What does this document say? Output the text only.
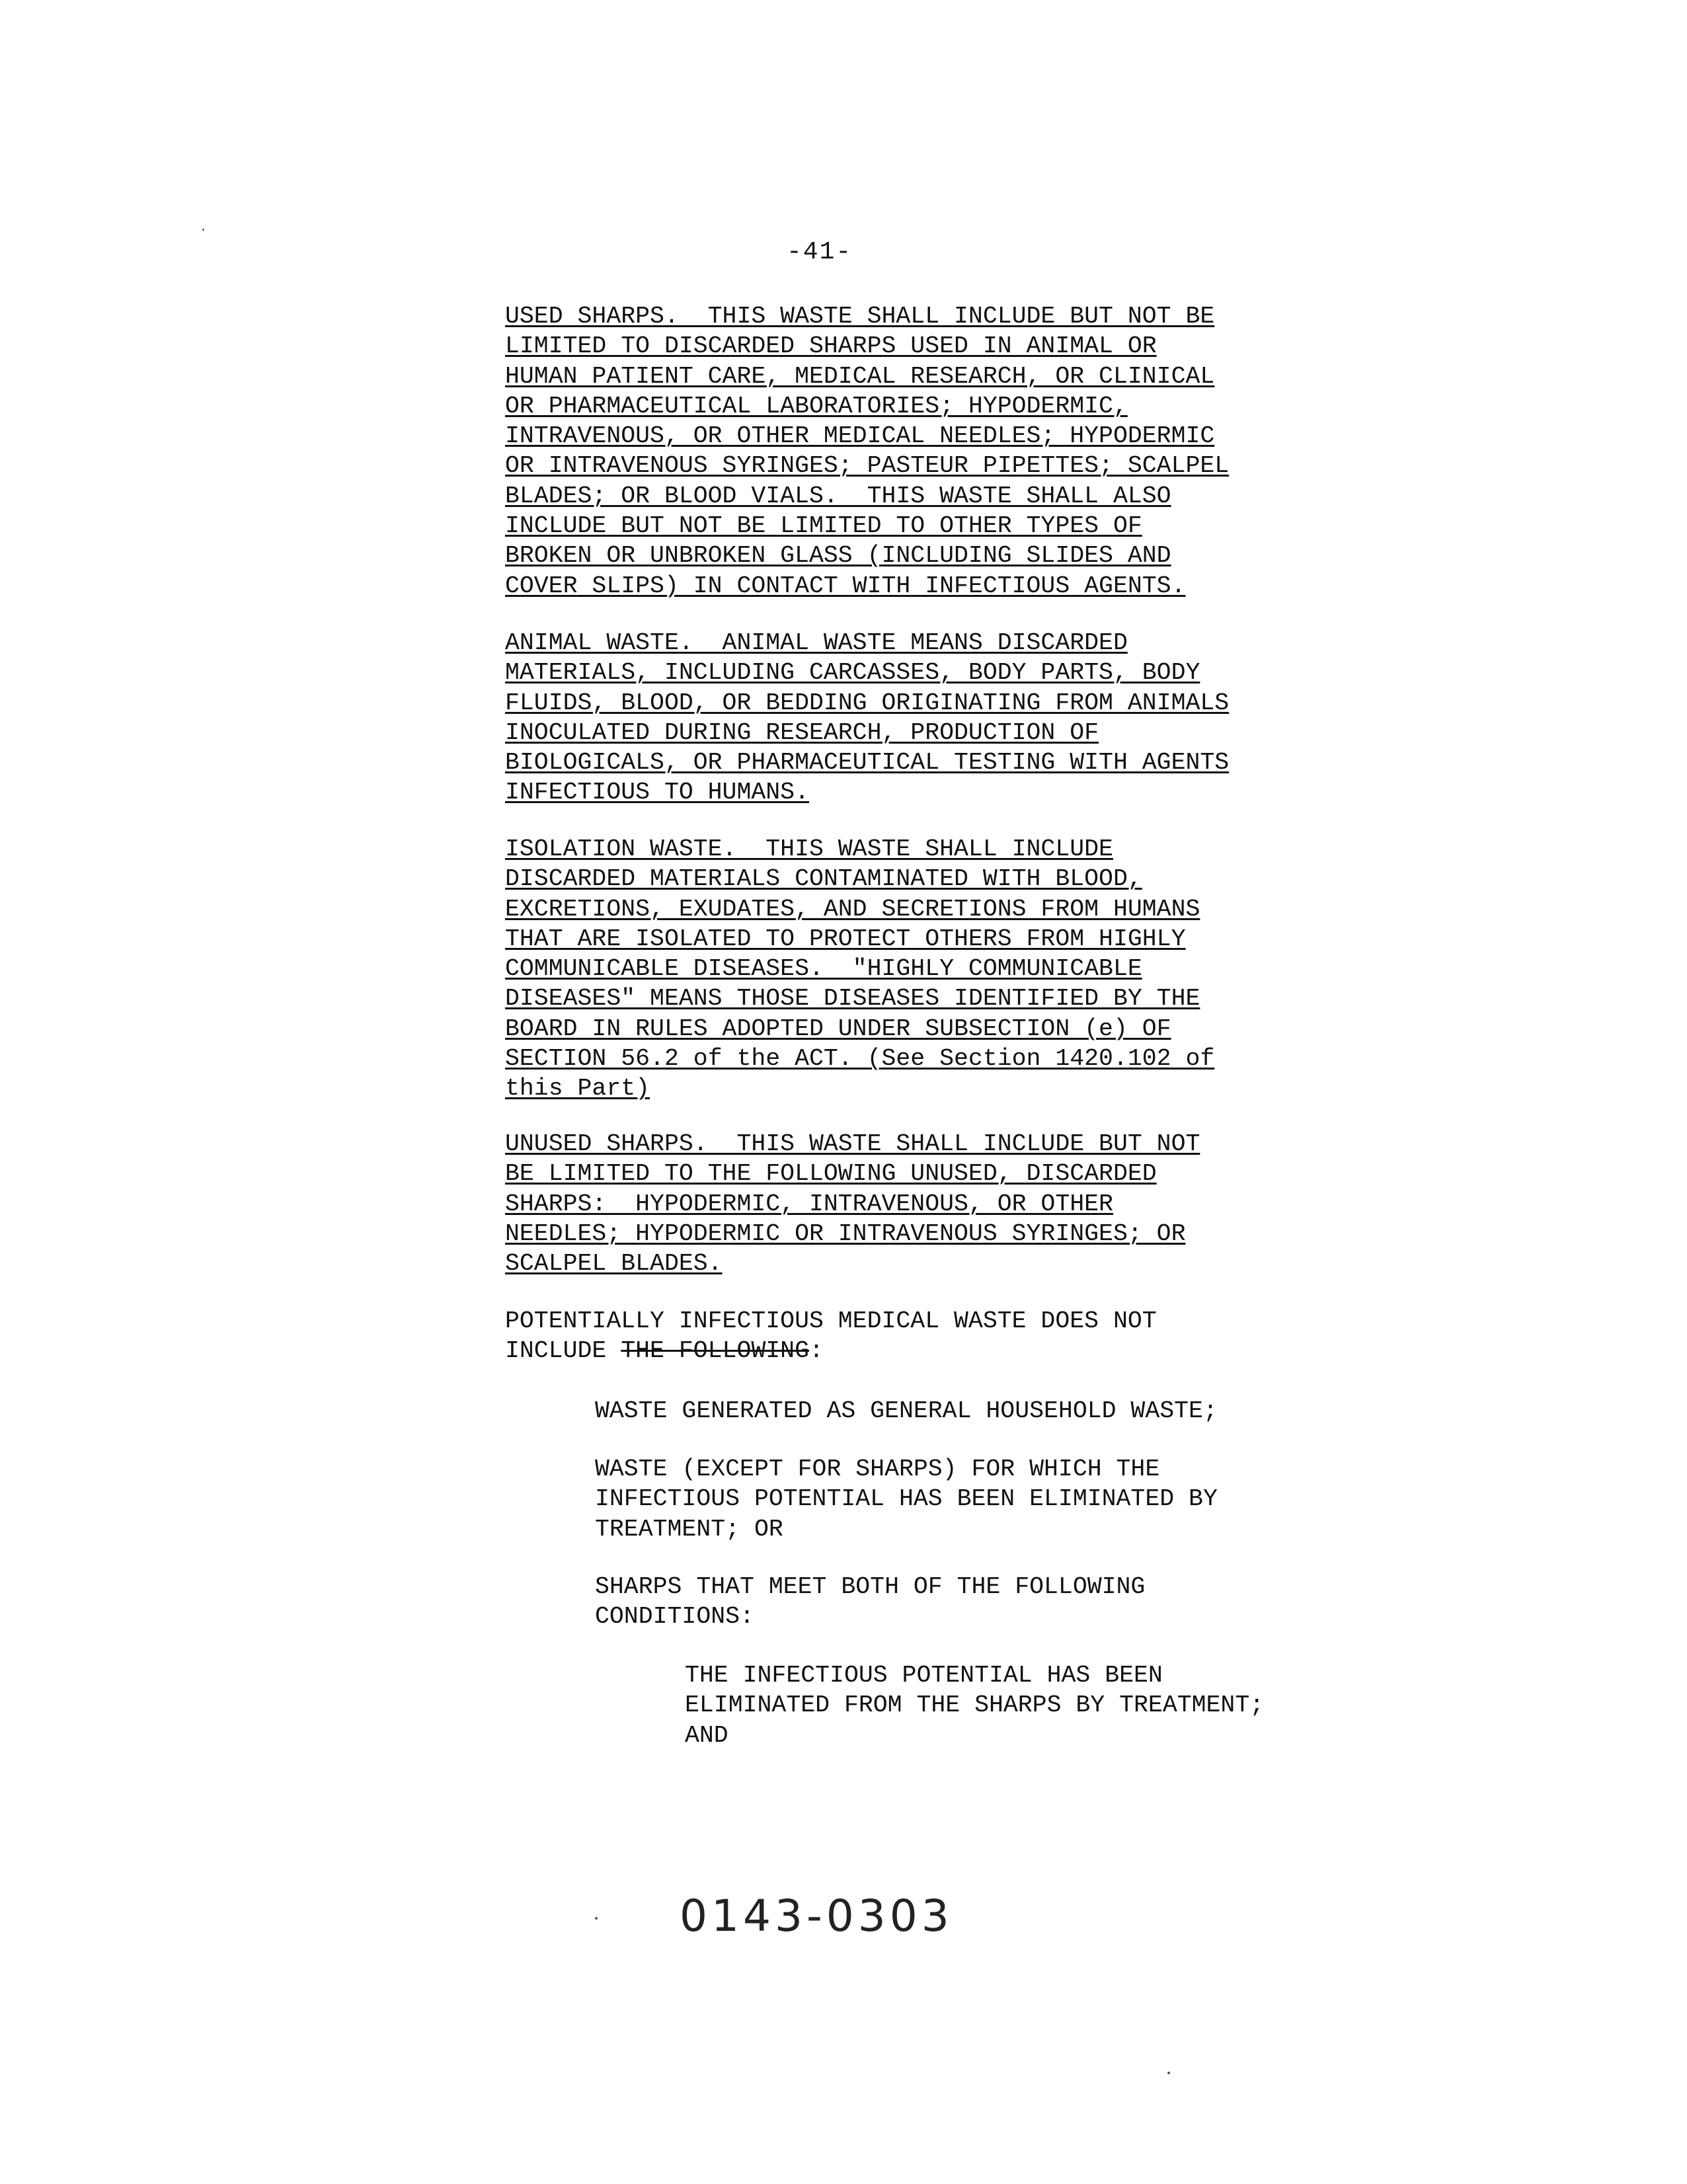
-41-
USED SHARPS.  THIS WASTE SHALL INCLUDE BUT NOT BE
LIMITED TO DISCARDED SHARPS USED IN ANIMAL OR
HUMAN PATIENT CARE, MEDICAL RESEARCH, OR CLINICAL
OR PHARMACEUTICAL LABORATORIES; HYPODERMIC,
INTRAVENOUS, OR OTHER MEDICAL NEEDLES; HYPODERMIC
OR INTRAVENOUS SYRINGES; PASTEUR PIPETTES; SCALPEL
BLADES; OR BLOOD VIALS.  THIS WASTE SHALL ALSO
INCLUDE BUT NOT BE LIMITED TO OTHER TYPES OF
BROKEN OR UNBROKEN GLASS (INCLUDING SLIDES AND
COVER SLIPS) IN CONTACT WITH INFECTIOUS AGENTS.
ANIMAL WASTE.  ANIMAL WASTE MEANS DISCARDED
MATERIALS, INCLUDING CARCASSES, BODY PARTS, BODY
FLUIDS, BLOOD, OR BEDDING ORIGINATING FROM ANIMALS
INOCULATED DURING RESEARCH, PRODUCTION OF
BIOLOGICALS, OR PHARMACEUTICAL TESTING WITH AGENTS
INFECTIOUS TO HUMANS.
ISOLATION WASTE.  THIS WASTE SHALL INCLUDE
DISCARDED MATERIALS CONTAMINATED WITH BLOOD,
EXCRETIONS, EXUDATES, AND SECRETIONS FROM HUMANS
THAT ARE ISOLATED TO PROTECT OTHERS FROM HIGHLY
COMMUNICABLE DISEASES.  "HIGHLY COMMUNICABLE
DISEASES" MEANS THOSE DISEASES IDENTIFIED BY THE
BOARD IN RULES ADOPTED UNDER SUBSECTION (e) OF
SECTION 56.2 of the ACT. (See Section 1420.102 of
this Part)
UNUSED SHARPS.  THIS WASTE SHALL INCLUDE BUT NOT
BE LIMITED TO THE FOLLOWING UNUSED, DISCARDED
SHARPS:  HYPODERMIC, INTRAVENOUS, OR OTHER
NEEDLES; HYPODERMIC OR INTRAVENOUS SYRINGES; OR
SCALPEL BLADES.
POTENTIALLY INFECTIOUS MEDICAL WASTE DOES NOT
INCLUDE THE FOLLOWING:
WASTE GENERATED AS GENERAL HOUSEHOLD WASTE;
WASTE (EXCEPT FOR SHARPS) FOR WHICH THE
INFECTIOUS POTENTIAL HAS BEEN ELIMINATED BY
TREATMENT; OR
SHARPS THAT MEET BOTH OF THE FOLLOWING
CONDITIONS:
THE INFECTIOUS POTENTIAL HAS BEEN
ELIMINATED FROM THE SHARPS BY TREATMENT;
AND
0143-0303
